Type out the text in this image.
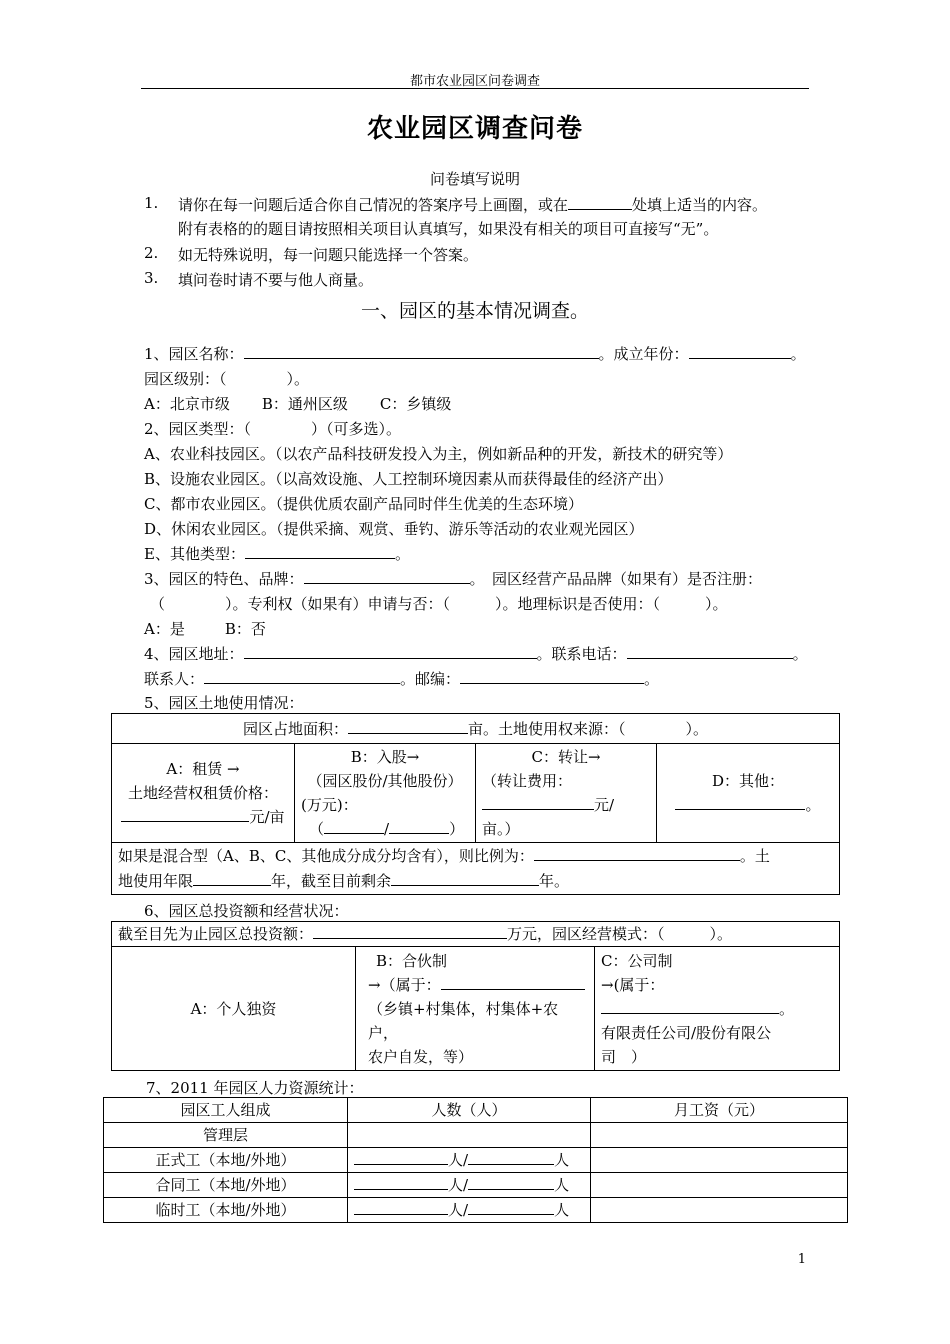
都市农业园区问卷调查
农业园区调查问卷
问卷填写说明
1. 请你在每一问题后适合你自己情况的答案序号上画圈，或在	处填上适当的内容。
附有表格的的题目请按照相关项目认真填写，如果没有相关的项目可直接写“无”。
2. 如无特殊说明，每一问题只能选择一个答案。
3. 填问卷时请不要与他人商量。
一、园区的基本情况调查。
1、园区名称：	。成立年份：	。
园区级别：（　　　　）。
A：北京市级 B：通州区级 C：乡镇级
2、园区类型：（　　　　）（可多选）。
A、农业科技园区。（以农产品科技研发投入为主，例如新品种的开发，新技术的研究等）
B、设施农业园区。（以高效设施、人工控制环境因素从而获得最佳的经济产出）
C、都市农业园区。（提供优质农副产品同时伴生优美的生态环境）
D、休闲农业园区。（提供采摘、观赏、垂钓、游乐等活动的农业观光园区）
E、其他类型：	。
3、园区的特色、品牌：	。　园区经营产品品牌（如果有）是否注册：
（　　　　）。专利权（如果有）申请与否：（　　　）。地理标识是否使用：（　　　）。
A：是	B：否
4、园区地址：	。联系电话：	。
联系人：	。邮编：	。
5、园区土地使用情况：
园区占地面积：	亩。土地使用权来源：（　　　　）。

A：租赁 →
土地经营权租赁价格：
元/亩

B：入股→
（园区股份/其他股份）
(万元)：
（	/	）

C：转让→
（转让费用：
元/
亩。）

D：其他：
。

如果是混合型（A、B、C、其他成分成分均含有），则比例为：	。土
地使用年限	年，截至目前剩余	年。
6、园区总投资额和经营状况：
截至目先为止园区总投资额：	万元，园区经营模式：（　　　）。
A：个人独资	
B：合伙制
→（属于：
（乡镇+村集体，村集体+农户，
农户自发，等）

C：公司制
→(属于：
。
有限责任公司/股份有限公
司　）
7、2011 年园区人力资源统计：
园区工人组成	人数（人）	月工资（元）
管理层		
正式工（本地/外地）	人/ 人	
合同工（本地/外地）	人/ 人	
临时工（本地/外地）	人/ 人	
1
